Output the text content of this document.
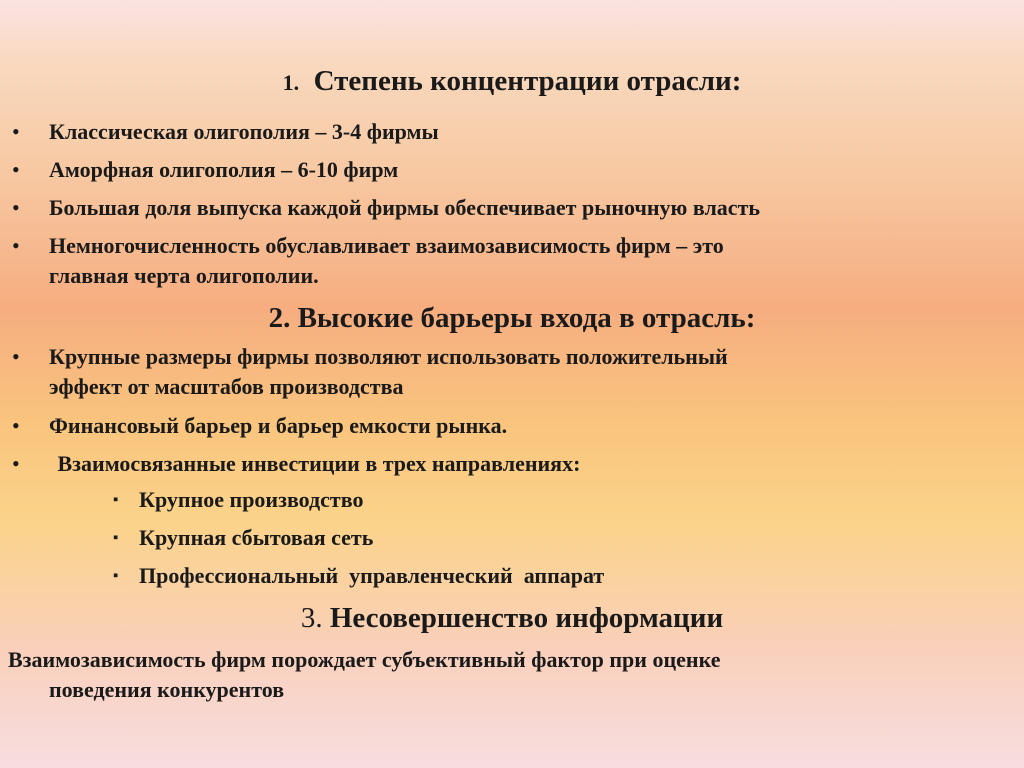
1. Степень концентрации отрасли:
• Классическая олигополия – 3-4 фирмы
• Аморфная олигополия – 6-10 фирм
• Большая доля выпуска каждой фирмы обеспечивает рыночную власть
• Немногочисленность обуславливает взаимозависимость фирм – это
главная черта олигополии.
2. Высокие барьеры входа в отрасль:
• Крупные размеры фирмы позволяют использовать положительный
эффект от масштабов производства
• Финансовый барьер и барьер емкости рынка.
• Взаимосвязанные инвестиции в трех направлениях:
▪ Крупное производство
▪ Крупная сбытовая сеть
▪ Профессиональный  управленческий  аппарат
3. Несовершенство информации
Взаимозависимость фирм порождает субъективный фактор при оценке
поведения конкурентов
